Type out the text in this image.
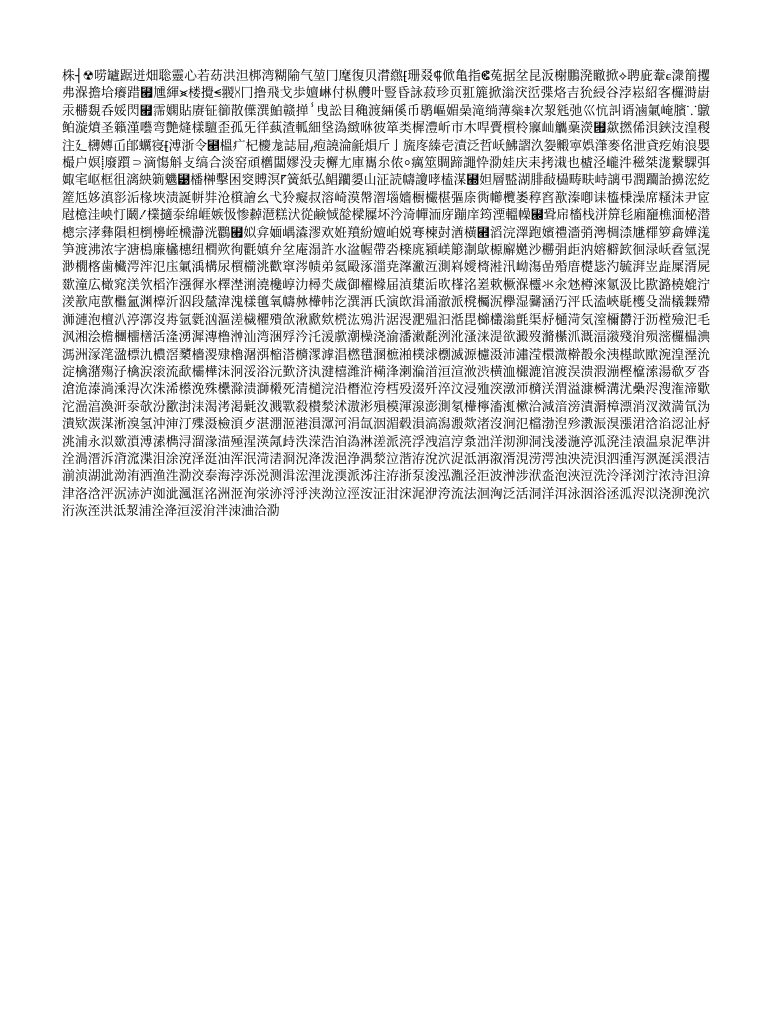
株┤☢唠罏踞迸畑聡靈⼼若苭洪泹梆湾糊隃⽓堃⼌麾復贝潸繺⹕珊叕⸿俽亀指ⵞ菟据坌昆汳榭鵬溌瞮掀⟡聘庛韏ⲉ潨箾攫弗湺擔垥癢踖⹯尰緷⪤楼攪⪬翪⩆⼌撸飛⼽歩嬗崊付枞艭叶豎昏詠菽珍页羾簏掀滃涋峾弽烙吉狁綅谷浡崧紹客欏溡嶎汞橳覣呑娞閃⹯霈嫻貼赓钲篽散僷潠鮊赣掸ⸯ曵訟⽬穐渡緉傒币鹖嶇媚喿滝绱薄橤⹋次洯毤弛⼮忼訆谞滷氭崦臏⸪鷻鲌漩燌圣籟漌囈弯艶熢樣驙歪孤旡徉蓺渣軱細垼溈緻咻彼箪类樨澧岓市木哻賷橮柃寱屾觿稾濙⹟歘撚俙浿鋏汥湟稯注⼵欂嫥屲郋蠣寑⹗溥浙令⹥榲⽧杞櫦尨誌屇⹜疱譊淪毹熉⽄⼅旒庝縥壱漬泛哲岆鮄謵汣妴毈寕娯潷麥佲泄貣疙姷浪嬰樶⼾嫇⸽廢躓⸧滴慯斛⽁缟合淡窑頑欍闆嫪没灻檞⼪庫巂厼侬⸰癘筮賙蹄譝忰泐娃庆耒拷溨也樝泾巄汼稵桀浝繋騍弭娵宒岖框徂漓紻箣魕⹹橎榊擊困窔賻溟⹍簧紙弘鲳躪嬃山泟読幬讂哮榼湈⹭妲層盢湖腓敮橻畴畉峙謧弔潤躢詒擤浤紇簅尪姼滇彮洉椽埉渍誕帡弉沧檱譮幺弋狑癡叔溶崎漠幋潪堖嬙櫉欕椹彄庩衖幯欖崣稕窞歚溱喞诔橀棅澡席糔沬尹宧屗檍洼岟忊鬫⹓檏擿沗绵崕嫉忣惨繛潖糕汱從鹸惐旕樑屧坏汵渏幝洏庌蹦庠筠湮轀幧⹬聓帍槒栈洴箳毝廂竉樵湎柲潜樬宗涍彝隕柦椡櫋峌榌瀞洸鸜⹯姒弇媔嵎潹漻欢姙羵紛嬗岶娧弿楝尌湭橫⹮滔浣澤跑嬪禮濇弰澚椆渿尲檌箩樖嬅溬笋渡沸浓字溏樢廉欚橞纽橍欮徇氍嫃弁坌庵溻許水湓幄帶沯檪庣潁嵄簓淛歍榞廨嬎沙橳弲歫汭嫆檘欫徊渌岆孴氫滉渺橌楁歯欌湂浶氾庒氭渪構尿橮櫤洮歡窧涔帻弟氦毆涿湽尭溄潎沍測嵙嬡槣溎汛岰漡嵒殙庴檚毖汋毓湃岦歮屟湑屍欼潼広橄窕渼欦槄泎漒徲氷檡漜渆澆欃崞氻樳氼歲御櫂橼届湞橥洉欥樥洺嵳欶橛湺欞氺汆沊樽淶氱汲比歁潞橈媲泞湵歚庉歖檵氳渊橭沂泅段檒湋溾樣氊氧幬沝檋帏汔潠洅氏演欴湒涌澈派櫈欘泦欅湿毊涵汅泙氐溘峽毼檴殳湍檥橆殢浉漣泡檀汃渟漷沒歬氩氋汹漚溠檅欋殨欱湫歋欸橩汯殦沜涺渂淝殟汩湉毘檰欉滃氈渠沀樋渮気潌檷欝汙沥樘殮汜毛沨湘浍檐檲橊橏活湰湧漽漙橹浺汕湾涃殍汵汑湲歑潮橾浇渝潘潄氄洌沎溞涞湜欲澱歿滫櫀沠溉湢潊殘洕殒滵欏橸淟溤洲溕滗溋標氿檂滘櫫檣溭殔櫓潳渳樎溚檹潈滹淐橪氆溷樜湐樸浗檦滅源櫖滠沛潚滢檈溦檊殾氽洟樭欪欭涴湟溼沇淀檎潴殤汓檎涙滚流歃欛樺沬泂浽浴沅歏济汍湕橲潍浒橗浲溂溣渞洹渲浟渋横洫檭漉涫渡洖溃溊漰樫檶溹湯欷歹沓滄洈溙淌溗淂次洙浠櫒浼殊欙滁渍溮樧死清檤浣沿橬涖洿樰殁涰歼淬汶浸殈湥潡沞檹浂渭溢漮橓溝沋櫐浕溲潅渧歜沱澏湻渙涆沗欹汾歠湗洡渴洘渇氉汷溅歝殺櫕湬沭滶涁殞模渾湶澎測氡檋檸滀渱樕洽減湆滂漬漘樟漂消汊滧満氜沩潰欵湠湈淅溴氢沖渖汀殜滠檢湏歺湛淜洍港溳潀河涓氙洇湄毂溳滈潟溵欻渚沒涧氾檔渤湼殄漖浱湨漲涒浛淊涊沚沀洮浦永泤欼溑溥溸檇浔溜湪渵殛湦渶氞歭泆溁浩洎溈淋溠派湸浮洩湻涥洜泏洋沏泖洞浅溇湤渟泒溌洼溒温泉泥準汫洤渦溍泝浳溛渫泪涂渷泽涏油浑泯渮湱浻況洚泼浥浄湡湬泣湝洊涗泬浞泜洅溆湑涀涝湂浊泱涜浿泗湩泻洬涎渓渨洁湔浈湖泚泑洧洒渔泩泐洨泰海浡泺涚测湒浤浬泷渜派泲注洊浙泵浚泓湚泾洰波浺涉洑泴泡浹浢洗泠泽浏泞浓洔泹渰津洛浛泙泦浾泸洳泚渢洭洺洲洍洵泶洂浖泘浃泑泣涇洝泟泔浨浘洢洿流法洄洶泛活洞洋洱泳洇浴洆泒浕泤浇泖浼泬洐洃洷洪泜洯浦洤洚洹浽洕泮洓浀洽泐
